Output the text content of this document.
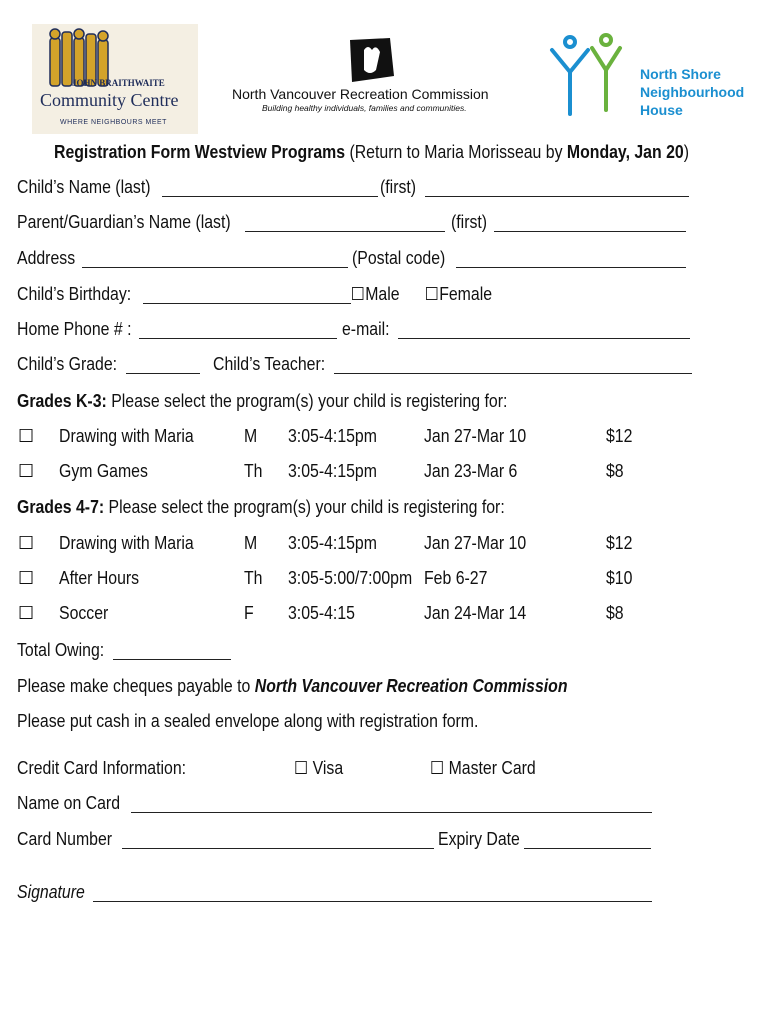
JOHN BRAITHWAITE
Community Centre
WHERE NEIGHBOURS MEET
North Vancouver Recreation Commission
Building healthy individuals, families and communities.
North Shore
Neighbourhood
House
Registration Form Westview Programs (Return to Maria Morisseau by Monday, Jan 20)
Child’s Name (last)	(first)
Parent/Guardian’s Name (last)	(first)
Address	(Postal code)
Child’s Birthday:	Male	Female
Home Phone # :	e-mail:
Child’s Grade:	Child’s Teacher:
Grades K-3: Please select the program(s) your child is registering for:
☐ Drawing with Maria	M 3:05-4:15pm	Jan 27-Mar 10	$12
☐ Gym Games	Th 3:05-4:15pm	Jan 23-Mar 6	$8
Grades 4-7: Please select the program(s) your child is registering for:
☐ Drawing with Maria	M 3:05-4:15pm	Jan 27-Mar 10	$12
☐ After Hours	Th 3:05-5:00/7:00pm Feb 6-27	$10
☐ Soccer	F 3:05-4:15	Jan 24-Mar 14	$8
Total Owing:
Please make cheques payable to North Vancouver Recreation Commission
Please put cash in a sealed envelope along with registration form.
Credit Card Information:	☐ Visa	☐ Master Card
Name on Card
Card Number	Expiry Date
Signature
